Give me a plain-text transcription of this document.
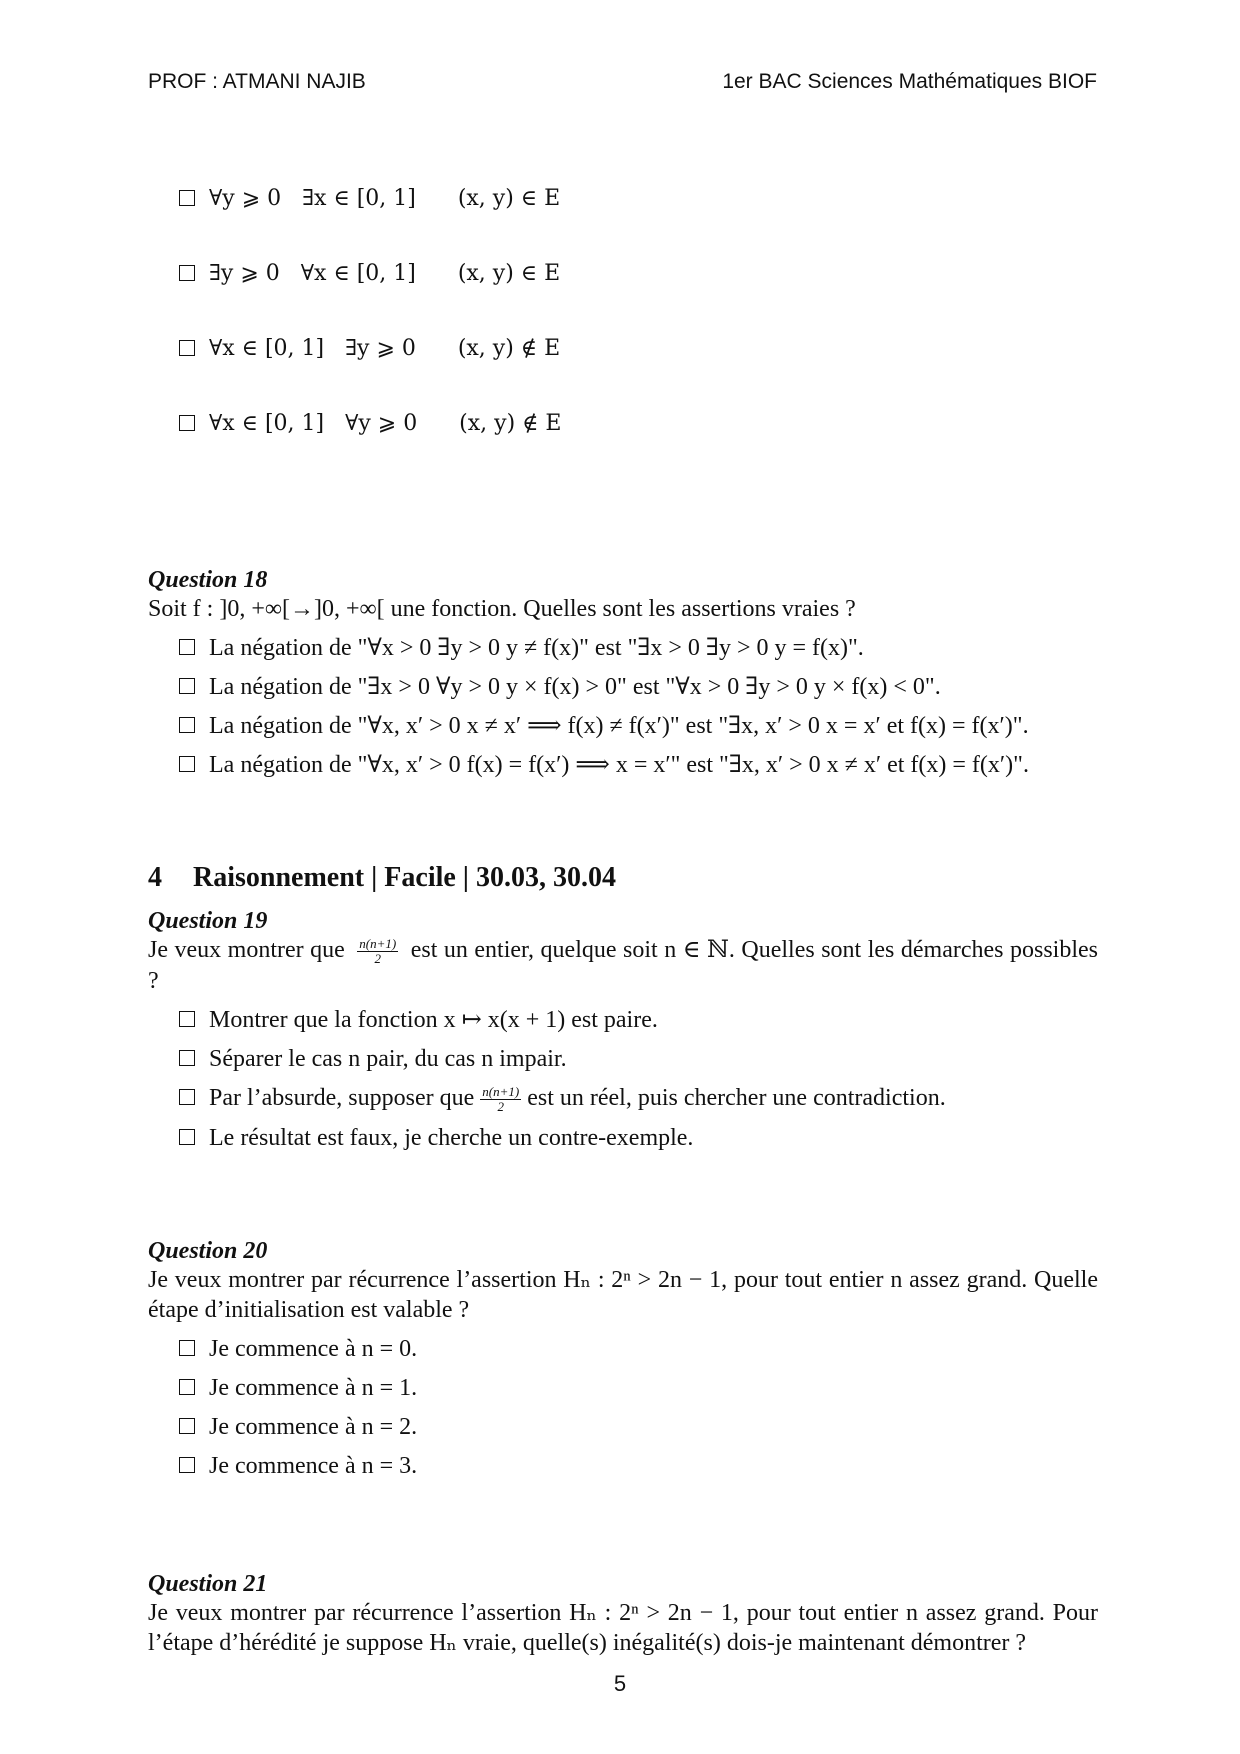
PROF : ATMANI NAJIB	1er BAC Sciences Mathématiques BIOF

∀y ⩾ 0   ∃x ∈ [0, 1]      (x, y) ∈ E

∃y ⩾ 0   ∀x ∈ [0, 1]      (x, y) ∈ E

∀x ∈ [0, 1]   ∃y ⩾ 0      (x, y) ∉ E

∀x ∈ [0, 1]   ∀y ⩾ 0      (x, y) ∉ E

Question 18

Soit f : ]0, +∞[→]0, +∞[ une fonction. Quelles sont les assertions vraies ?

La négation de "∀x > 0 ∃y > 0 y ≠ f(x)" est "∃x > 0 ∃y > 0 y = f(x)".
La négation de "∃x > 0 ∀y > 0 y × f(x) > 0" est "∀x > 0 ∃y > 0 y × f(x) < 0".
La négation de "∀x, x′ > 0 x ≠ x′ ⟹ f(x) ≠ f(x′)" est "∃x, x′ > 0 x = x′ et f(x) = f(x′)".
La négation de "∀x, x′ > 0 f(x) = f(x′) ⟹ x = x′" est "∃x, x′ > 0 x ≠ x′ et f(x) = f(x′)".
4 Raisonnement | Facile | 30.03, 30.04

Question 19

Je veux montrer que $\frac{n(n+1)}{2}$ est un entier, quelque soit n ∈ ℕ. Quelles sont les démarches possibles ?

Montrer que la fonction x ↦ x(x + 1) est paire.
Séparer le cas n pair, du cas n impair.
Par l’absurde, supposer que $\frac{n(n+1)}{2}$ est un réel, puis chercher une contradiction.
Le résultat est faux, je cherche un contre-exemple.

Question 20

Je veux montrer par récurrence l’assertion Hₙ : 2ⁿ > 2n − 1, pour tout entier n assez grand. Quelle étape d’initialisation est valable ?

Je commence à n = 0.
Je commence à n = 1.
Je commence à n = 2.
Je commence à n = 3.

Question 21

Je veux montrer par récurrence l’assertion Hₙ : 2ⁿ > 2n − 1, pour tout entier n assez grand. Pour l’étape d’hérédité je suppose Hₙ vraie, quelle(s) inégalité(s) dois-je maintenant démontrer ?

5
